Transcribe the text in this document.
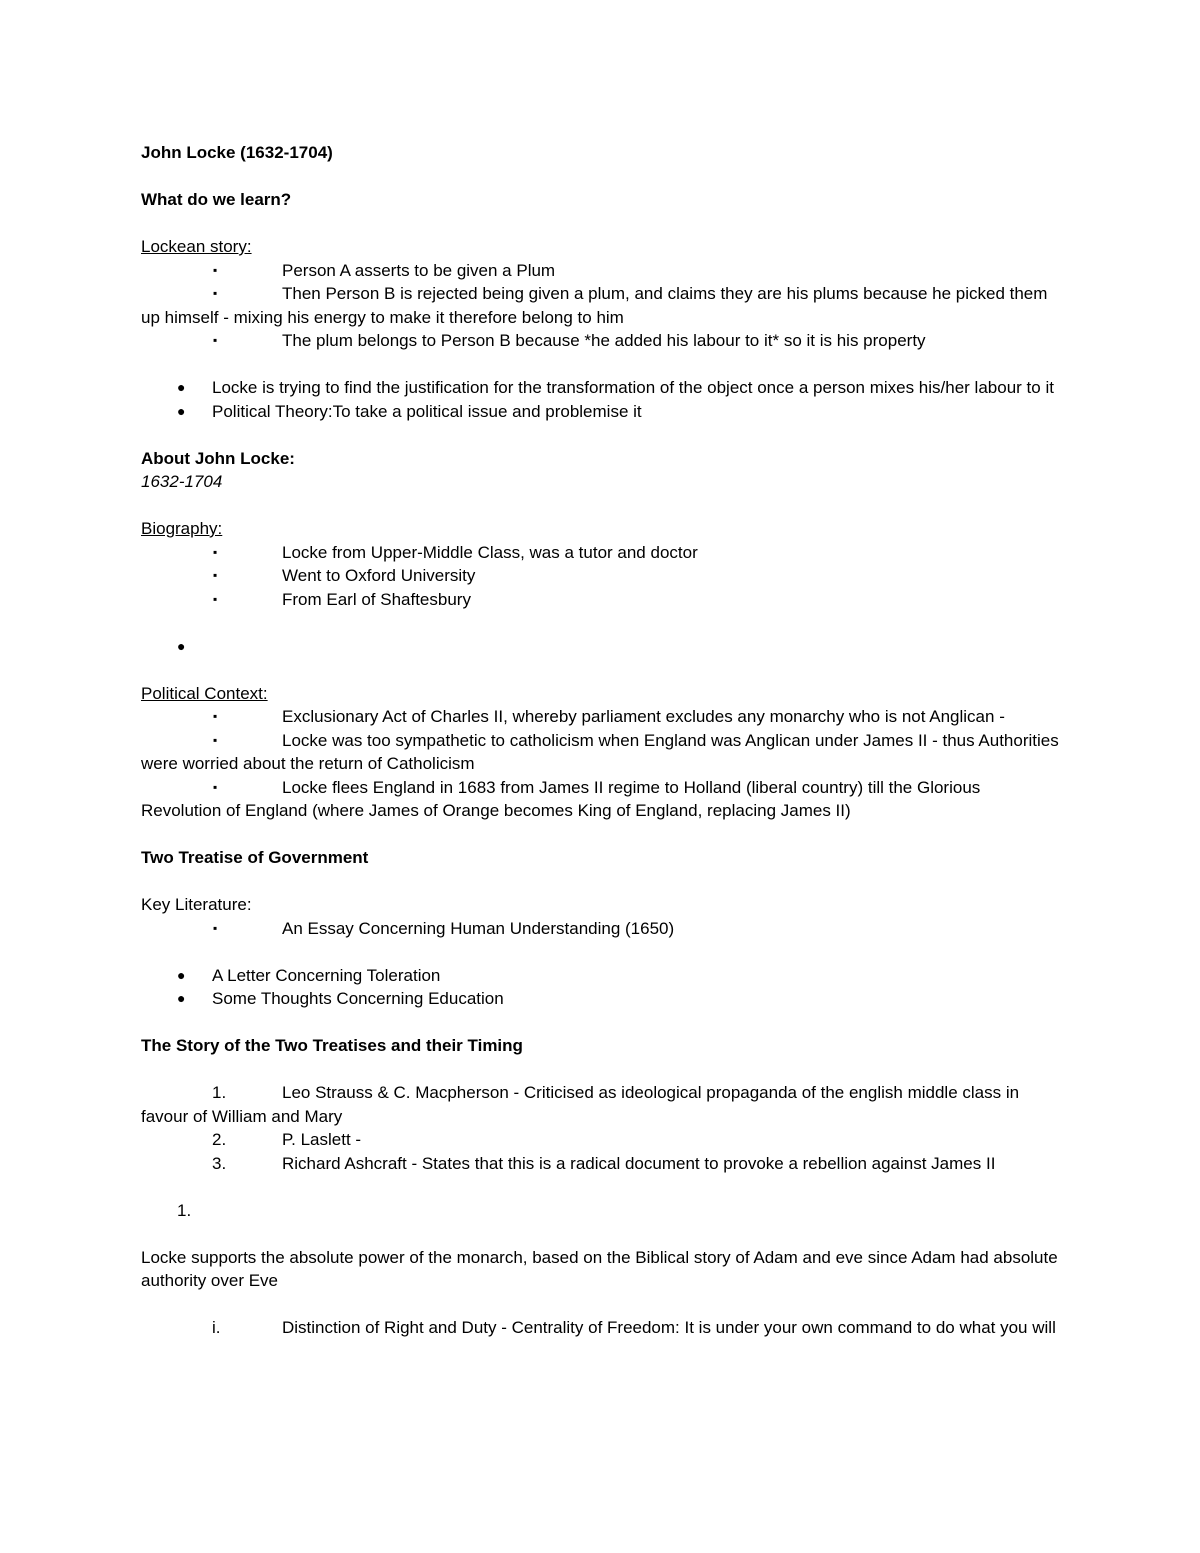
John Locke (1632-1704)

What do we learn?

Lockean story:

▪	Person A asserts to be given a Plum

▪	Then Person B is rejected being given a plum, and claims they are his plums because he picked them up himself - mixing his energy to make it therefore belong to him

▪	The plum belongs to Person B because *he added his labour to it* so it is his property

● Locke is trying to find the justification for the transformation of the object once a person mixes his/her labour to it

● Political Theory:To take a political issue and problemise it

About John Locke:

1632-1704

Biography:

▪	Locke from Upper-Middle Class, was a tutor and doctor

▪	Went to Oxford University

▪	From Earl of Shaftesbury

●

Political Context:

▪	Exclusionary Act of Charles II, whereby parliament excludes any monarchy who is not Anglican -

▪	Locke was too sympathetic to catholicism when England was Anglican under James II - thus Authorities were worried about the return of Catholicism

▪	Locke flees England in 1683 from James II regime to Holland (liberal country) till the Glorious Revolution of England (where James of Orange becomes King of England, replacing James II)

Two Treatise of Government

Key Literature:

▪	An Essay Concerning Human Understanding (1650)

● A Letter Concerning Toleration

● Some Thoughts Concerning Education

The Story of the Two Treatises and their Timing

1.	Leo Strauss & C. Macpherson - Criticised as ideological propaganda of the english middle class in favour of William and Mary

2.	P. Laslett -

3.	Richard Ashcraft - States that this is a radical document to provoke a rebellion against James II

1.

Locke supports the absolute power of the monarch, based on the Biblical story of Adam and eve since Adam had absolute authority over Eve

i.	Distinction of Right and Duty - Centrality of Freedom: It is under your own command to do what you will
